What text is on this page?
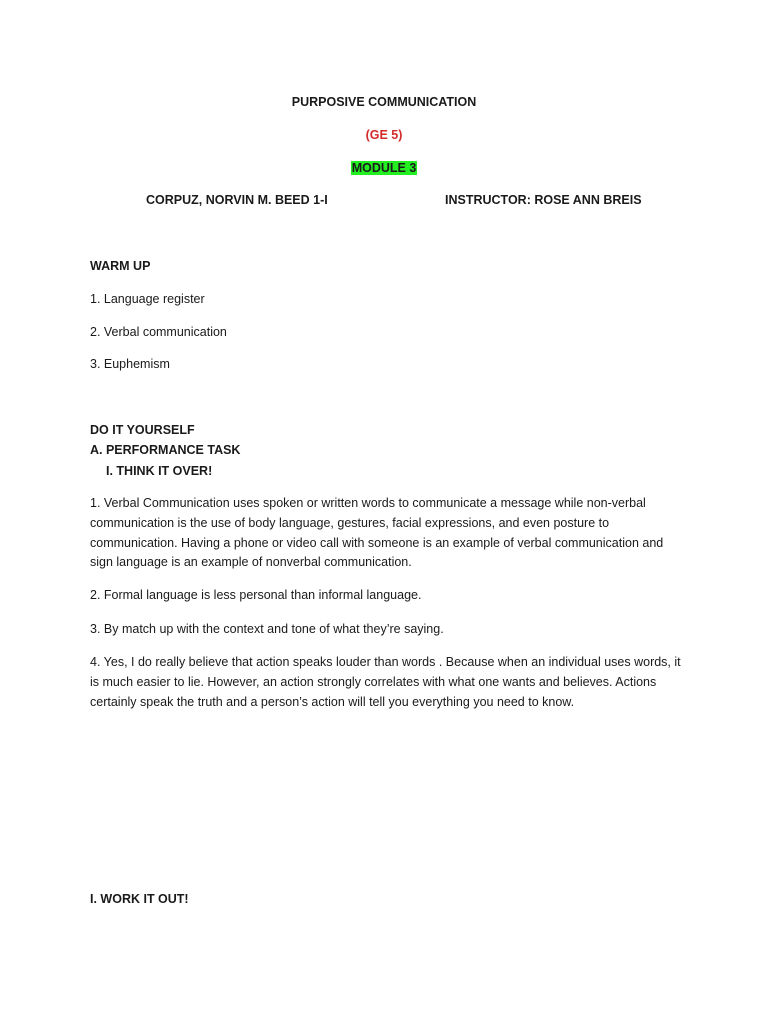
PURPOSIVE COMMUNICATION
(GE 5)
MODULE 3
CORPUZ, NORVIN M. BEED 1-I	INSTRUCTOR: ROSE ANN BREIS
WARM UP
1. Language register
2. Verbal communication
3. Euphemism
DO IT YOURSELF
A. PERFORMANCE TASK
I. THINK IT OVER!
1. Verbal Communication uses spoken or written words to communicate a message while non-verbal communication is the use of body language, gestures, facial expressions, and even posture to communication. Having a phone or video call with someone is an example of verbal communication and sign language is an example of nonverbal communication.
2. Formal language is less personal than informal language.
3. By match up with the context and tone of what they’re saying.
4. Yes, I do really believe that action speaks louder than words . Because when an individual uses words, it is much easier to lie. However, an action strongly correlates with what one wants and believes. Actions certainly speak the truth and a person’s action will tell you everything you need to know.
I. WORK IT OUT!
